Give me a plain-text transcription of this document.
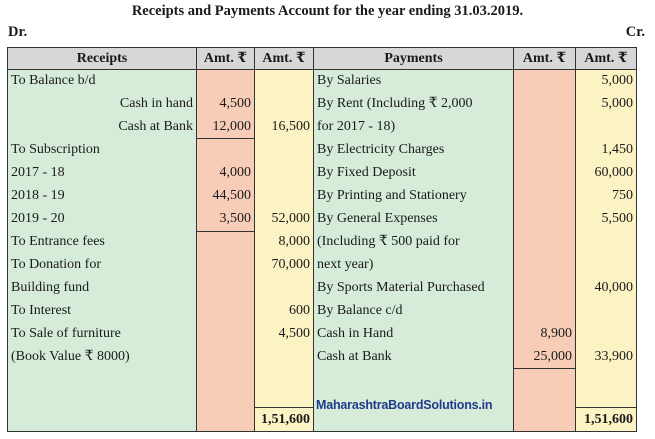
Receipts and Payments Account for the year ending 31.03.2019.
Dr.	Cr.
Receipts	Amt. ₹	Amt. ₹	Payments	Amt. ₹	Amt. ₹
To Balance b/d			By Salaries		5,000
Cash in hand	4,500		By Rent (Including ₹ 2,000		5,000
Cash at Bank	12,000	16,500	for 2017 - 18)		
To Subscription			By Electricity Charges		1,450
2017 - 18	4,000		By Fixed Deposit		60,000
2018 - 19	44,500		By Printing and Stationery		750
2019 - 20	3,500	52,000	By General Expenses		5,500
To Entrance fees		8,000	(Including ₹ 500 paid for		
To Donation for		70,000	next year)		
Building fund			By Sports Material Purchased		40,000
To Interest		600	By Balance c/d		
To Sale of furniture		4,500	Cash in Hand	8,900	
(Book Value ₹ 8000)			Cash at Bank	25,000	33,900

		1,51,600			1,51,600
MaharashtraBoardSolutions.in
